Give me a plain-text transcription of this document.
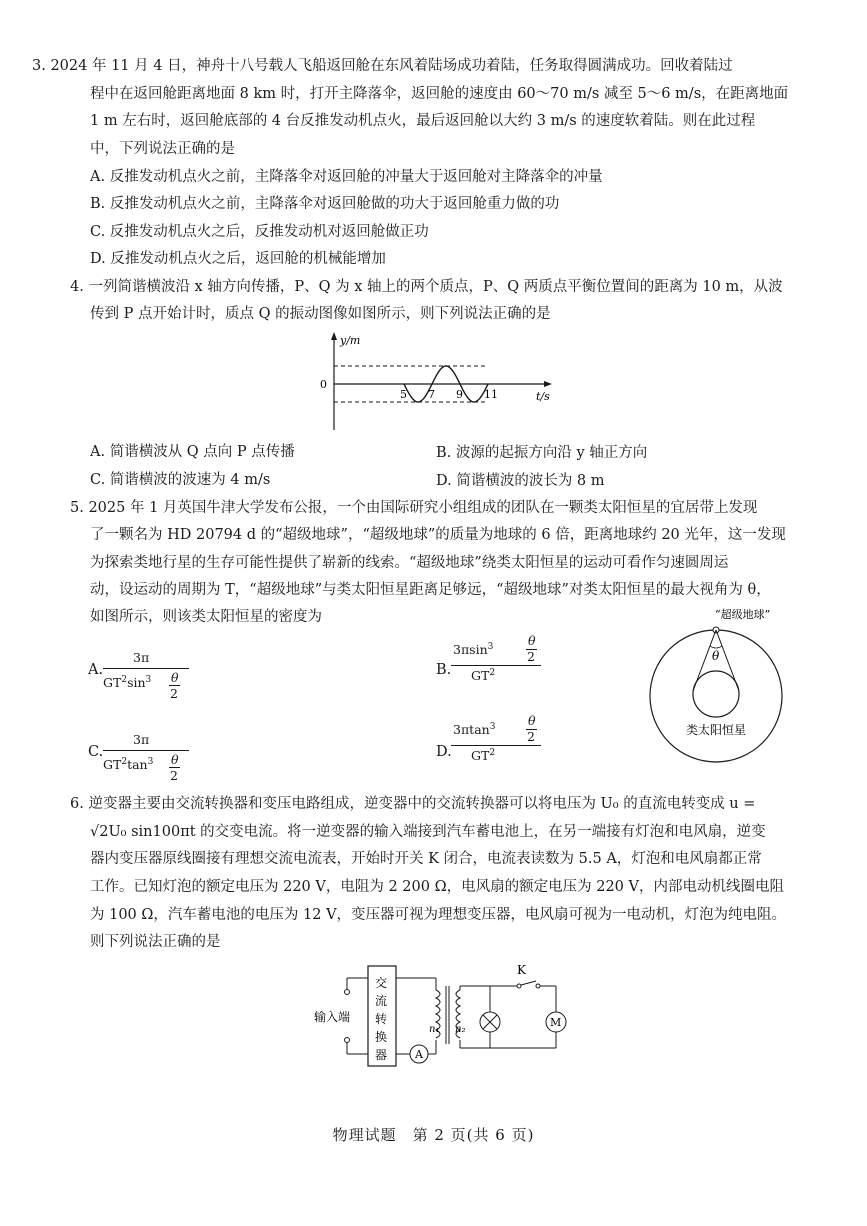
3. 2024 年 11 月 4 日，神舟十八号载人飞船返回舱在东风着陆场成功着陆，任务取得圆满成功。回收着陆过
程中在返回舱距离地面 8 km 时，打开主降落伞，返回舱的速度由 60～70 m/s 减至 5～6 m/s，在距离地面
1 m 左右时，返回舱底部的 4 台反推发动机点火，最后返回舱以大约 3 m/s 的速度软着陆。则在此过程
中，下列说法正确的是
A. 反推发动机点火之前，主降落伞对返回舱的冲量大于返回舱对主降落伞的冲量
B. 反推发动机点火之前，主降落伞对返回舱做的功大于返回舱重力做的功
C. 反推发动机点火之后，反推发动机对返回舱做正功
D. 反推发动机点火之后，返回舱的机械能增加
4. 一列简谐横波沿 x 轴方向传播，P、Q 为 x 轴上的两个质点，P、Q 两质点平衡位置间的距离为 10 m，从波
传到 P 点开始计时，质点 Q 的振动图像如图所示，则下列说法正确的是
y/m
0
5 7 9 11	t/s
A. 简谐横波从 Q 点向 P 点传播	B. 波源的起振方向沿 y 轴正方向
C. 简谐横波的波速为 4 m/s	D. 简谐横波的波长为 8 m
5. 2025 年 1 月英国牛津大学发布公报，一个由国际研究小组组成的团队在一颗类太阳恒星的宜居带上发现
了一颗名为 HD 20794 d 的“超级地球”，“超级地球”的质量为地球的 6 倍，距离地球约 20 光年，这一发现
为探索类地行星的生存可能性提供了崭新的线索。“超级地球”绕类太阳恒星的运动可看作匀速圆周运
动，设运动的周期为 T，“超级地球”与类太阳恒星距离足够远，“超级地球”对类太阳恒星的最大视角为 θ，
如图所示，则该类太阳恒星的密度为
A.
3π
$GT^2\sin^3$ θ
2
B.
3πsin$^3$	θ
2
$GT^2$
C.
3π
$GT^2\tan^3$ θ
2
D.
3πtan$^3$	θ
2
$GT^2$
“超级地球”
θ
类太阳恒星
6. 逆变器主要由交流转换器和变压电路组成，逆变器中的交流转换器可以将电压为 U₀ 的直流电转变成 u =
√2U₀ sin100πt 的交变电流。将一逆变器的输入端接到汽车蓄电池上，在另一端接有灯泡和电风扇，逆变
器内变压器原线圈接有理想交流电流表，开始时开关 K 闭合，电流表读数为 5.5 A，灯泡和电风扇都正常
工作。已知灯泡的额定电压为 220 V，电阻为 2 200 Ω，电风扇的额定电压为 220 V，内部电动机线圈电阻
为 100 Ω，汽车蓄电池的电压为 12 V，变压器可视为理想变压器，电风扇可视为一电动机，灯泡为纯电阻。
则下列说法正确的是
输入端
交
流
转
换
器	A
n₁ n₂
K
M
物理试题　第 2 页(共 6 页)
